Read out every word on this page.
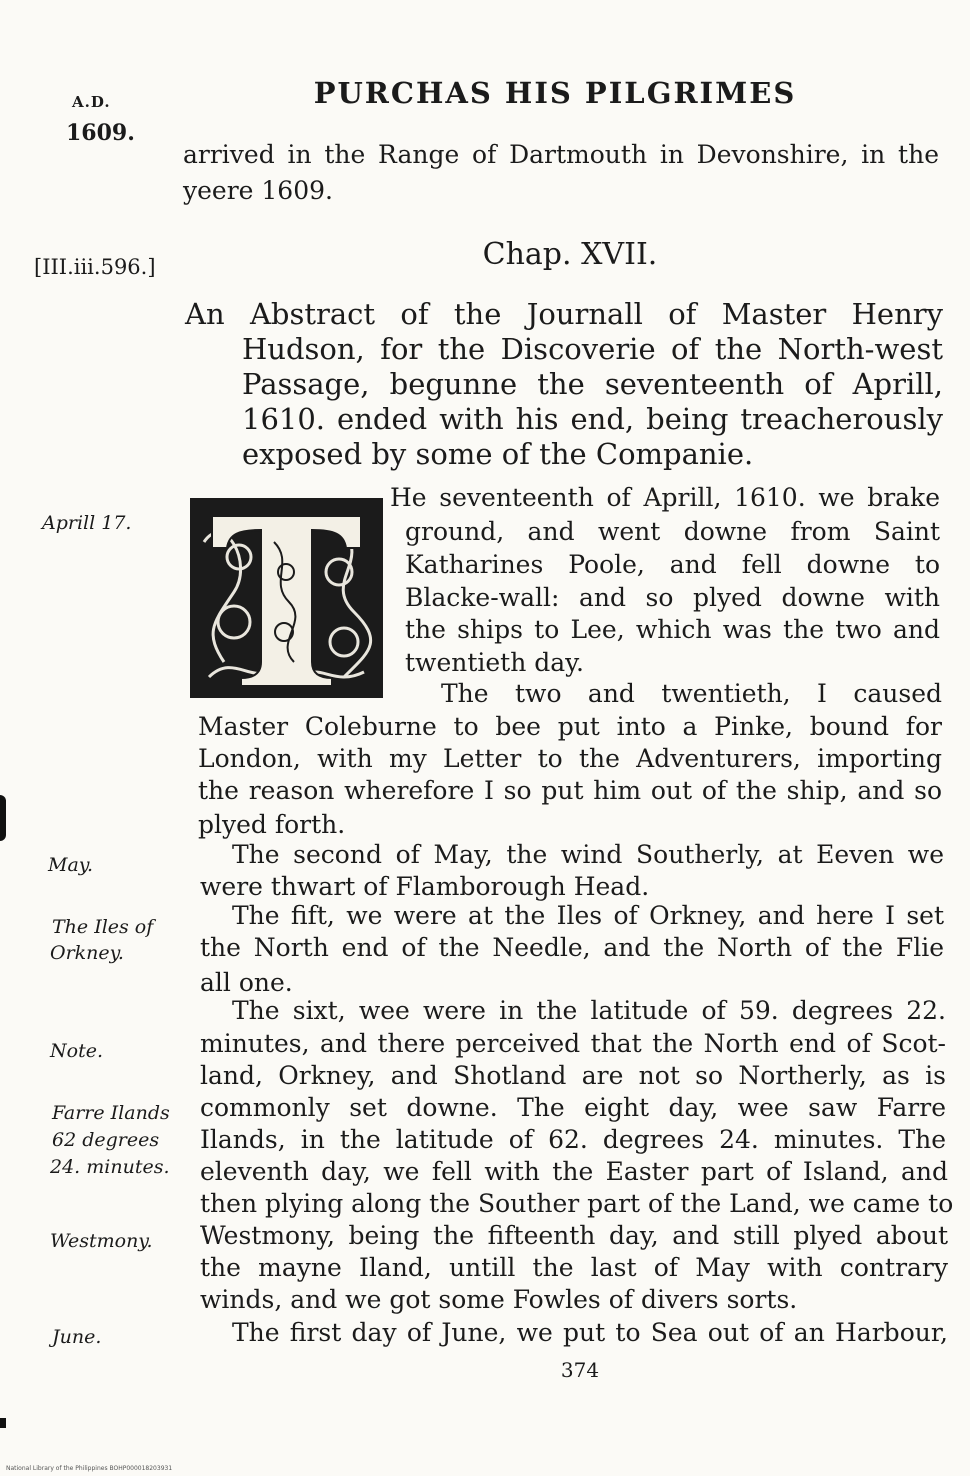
A.D.
1609.
PURCHAS HIS PILGRIMES
arrived in the Range of Dartmouth in Devonshire, in the
yeere 1609.
[III.iii.596.]	Chap. XVII.
An Abstract of the Journall of Master Henry
Hudson, for the Discoverie of the North-west
Passage, begunne the seventeenth of Aprill,
1610. ended with his end, being treacherously
exposed by some of the Companie.
T
He seventeenth of Aprill, 1610. we brake
ground, and went downe from Saint
Katharines Poole, and fell downe to
Blacke-wall: and so plyed downe with
the ships to Lee, which was the two and
twentieth day.
The two and twentieth, I caused
Master Coleburne to bee put into a Pinke, bound for
London, with my Letter to the Adventurers, importing
the reason wherefore I so put him out of the ship, and so
plyed forth.
The second of May, the wind Southerly, at Eeven we
were thwart of Flamborough Head.
The fift, we were at the Iles of Orkney, and here I set
the North end of the Needle, and the North of the Flie
all one.
The sixt, wee were in the latitude of 59. degrees 22.
minutes, and there perceived that the North end of Scot-
land, Orkney, and Shotland are not so Northerly, as is
commonly set downe. The eight day, wee saw Farre
Ilands, in the latitude of 62. degrees 24. minutes. The
eleventh day, we fell with the Easter part of Island, and
then plying along the Souther part of the Land, we came to
Westmony, being the fifteenth day, and still plyed about
the mayne Iland, untill the last of May with contrary
winds, and we got some Fowles of divers sorts.
The first day of June, we put to Sea out of an Harbour,
Aprill 17.
May.
The Iles of
Orkney.
Note.
Farre Ilands
62 degrees
24. minutes.
Westmony.
June.
374
National Library of the Philippines BOHP000018203931
